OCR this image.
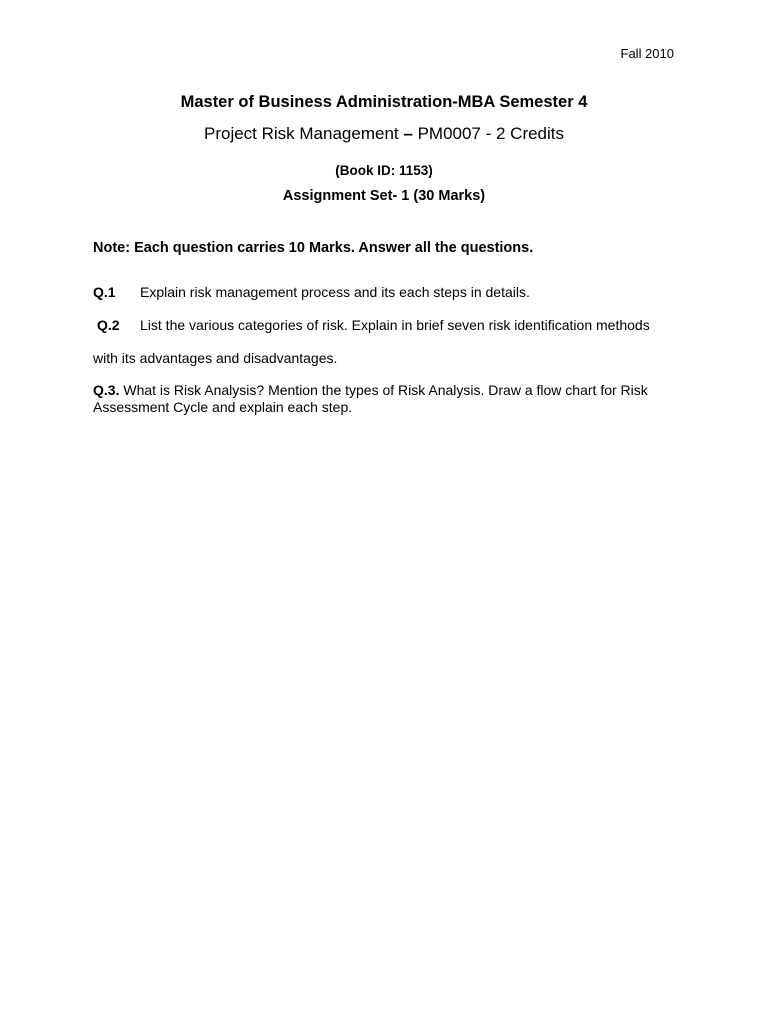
Fall 2010
Master of Business Administration-MBA Semester 4
Project Risk Management – PM0007 - 2 Credits
(Book ID: 1153)
Assignment Set- 1 (30 Marks)
Note: Each question carries 10 Marks. Answer all the questions.
Q.1 Explain risk management process and its each steps in details.
Q.2 List the various categories of risk. Explain in brief seven risk identification methods
with its advantages and disadvantages.
Q.3. What is Risk Analysis? Mention the types of Risk Analysis. Draw a flow chart for Risk Assessment Cycle and explain each step.
